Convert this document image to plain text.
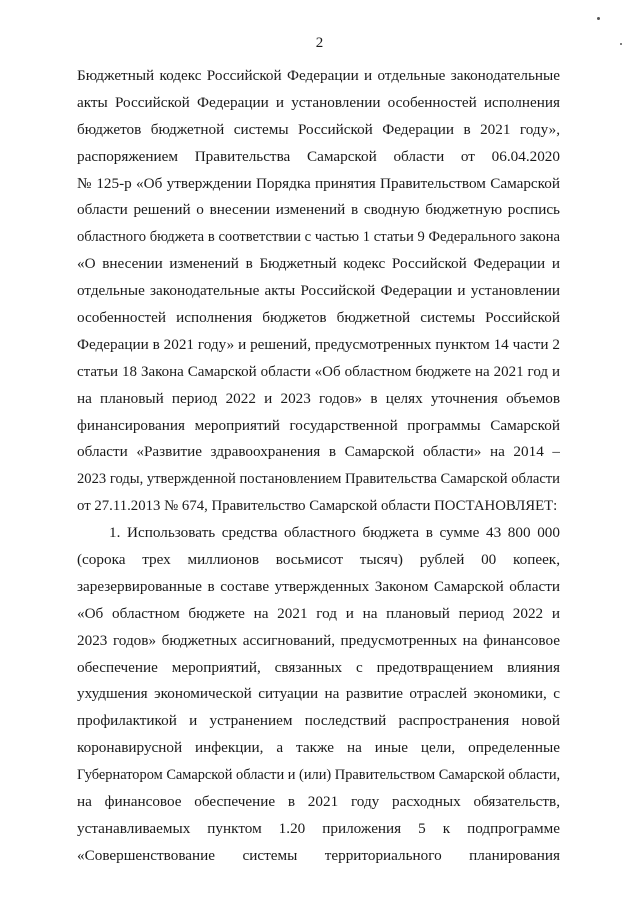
2
Бюджетный кодекс Российской Федерации и отдельные законодательные
акты Российской Федерации и установлении особенностей исполнения
бюджетов бюджетной системы Российской Федерации в 2021 году»,
распоряжением Правительства Самарской области от 06.04.2020
№ 125-р «Об утверждении Порядка принятия Правительством Самарской
области решений о внесении изменений в сводную бюджетную роспись
областного бюджета в соответствии с частью 1 статьи 9 Федерального закона
«О внесении изменений в Бюджетный кодекс Российской Федерации и
отдельные законодательные акты Российской Федерации и установлении
особенностей исполнения бюджетов бюджетной системы Российской
Федерации в 2021 году» и решений, предусмотренных пунктом 14 части 2
статьи 18 Закона Самарской области «Об областном бюджете на 2021 год и
на плановый период 2022 и 2023 годов» в целях уточнения объемов
финансирования мероприятий государственной программы Самарской
области «Развитие здравоохранения в Самарской области» на 2014 –
2023 годы, утвержденной постановлением Правительства Самарской области
от 27.11.2013 № 674, Правительство Самарской области ПОСТАНОВЛЯЕТ:
1. Использовать средства областного бюджета в сумме 43 800 000
(сорока трех миллионов восьмисот тысяч) рублей 00 копеек,
зарезервированные в составе утвержденных Законом Самарской области
«Об областном бюджете на 2021 год и на плановый период 2022 и
2023 годов» бюджетных ассигнований, предусмотренных на финансовое
обеспечение мероприятий, связанных с предотвращением влияния
ухудшения экономической ситуации на развитие отраслей экономики, с
профилактикой и устранением последствий распространения новой
коронавирусной инфекции, а также на иные цели, определенные
Губернатором Самарской области и (или) Правительством Самарской области,
на финансовое обеспечение в 2021 году расходных обязательств,
устанавливаемых пунктом 1.20 приложения 5 к подпрограмме
«Совершенствование системы территориального планирования
